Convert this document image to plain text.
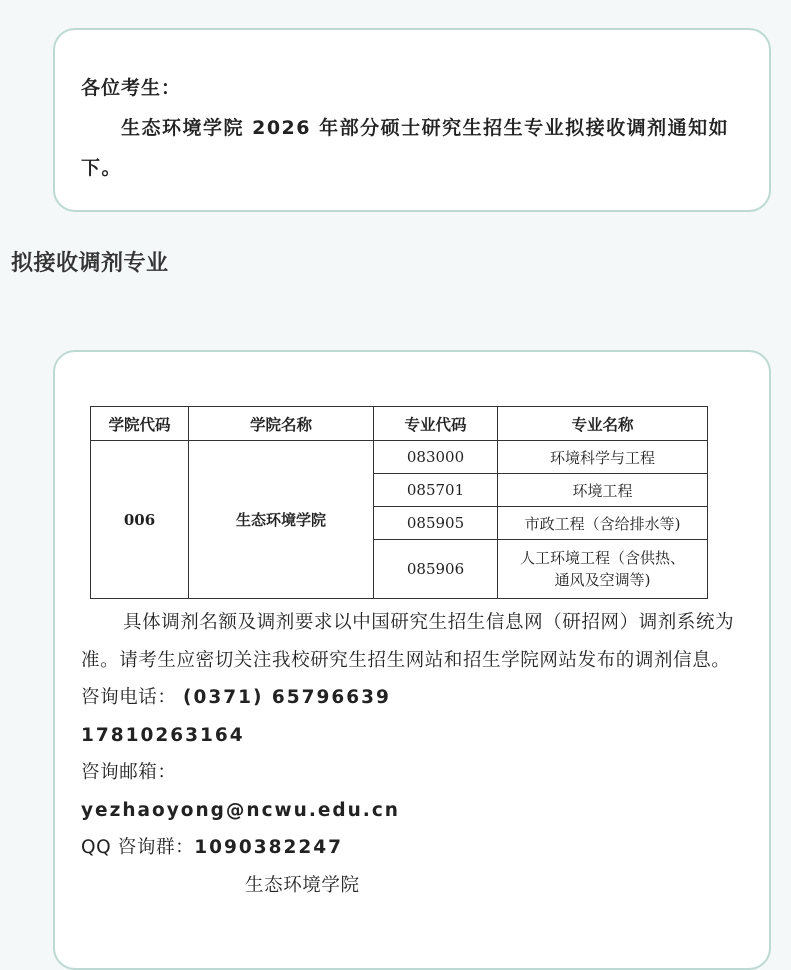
各位考生：
生态环境学院 2026 年部分硕士研究生招生专业拟接收调剂通知如下。
拟接收调剂专业
学院代码	学院名称	专业代码	专业名称
006	生态环境学院	083000	环境科学与工程
		085701	环境工程
		085905	市政工程（含给排水等)
		085906	人工环境工程（含供热、
通风及空调等)
具体调剂名额及调剂要求以中国研究生招生信息网（研招网）调剂系统为准。请考生应密切关注我校研究生招生网站和招生学院网站发布的调剂信息。
咨询电话： (0371) 65796639
17810263164
咨询邮箱：
yezhaoyong@ncwu.edu.cn
QQ 咨询群：1090382247
生态环境学院
